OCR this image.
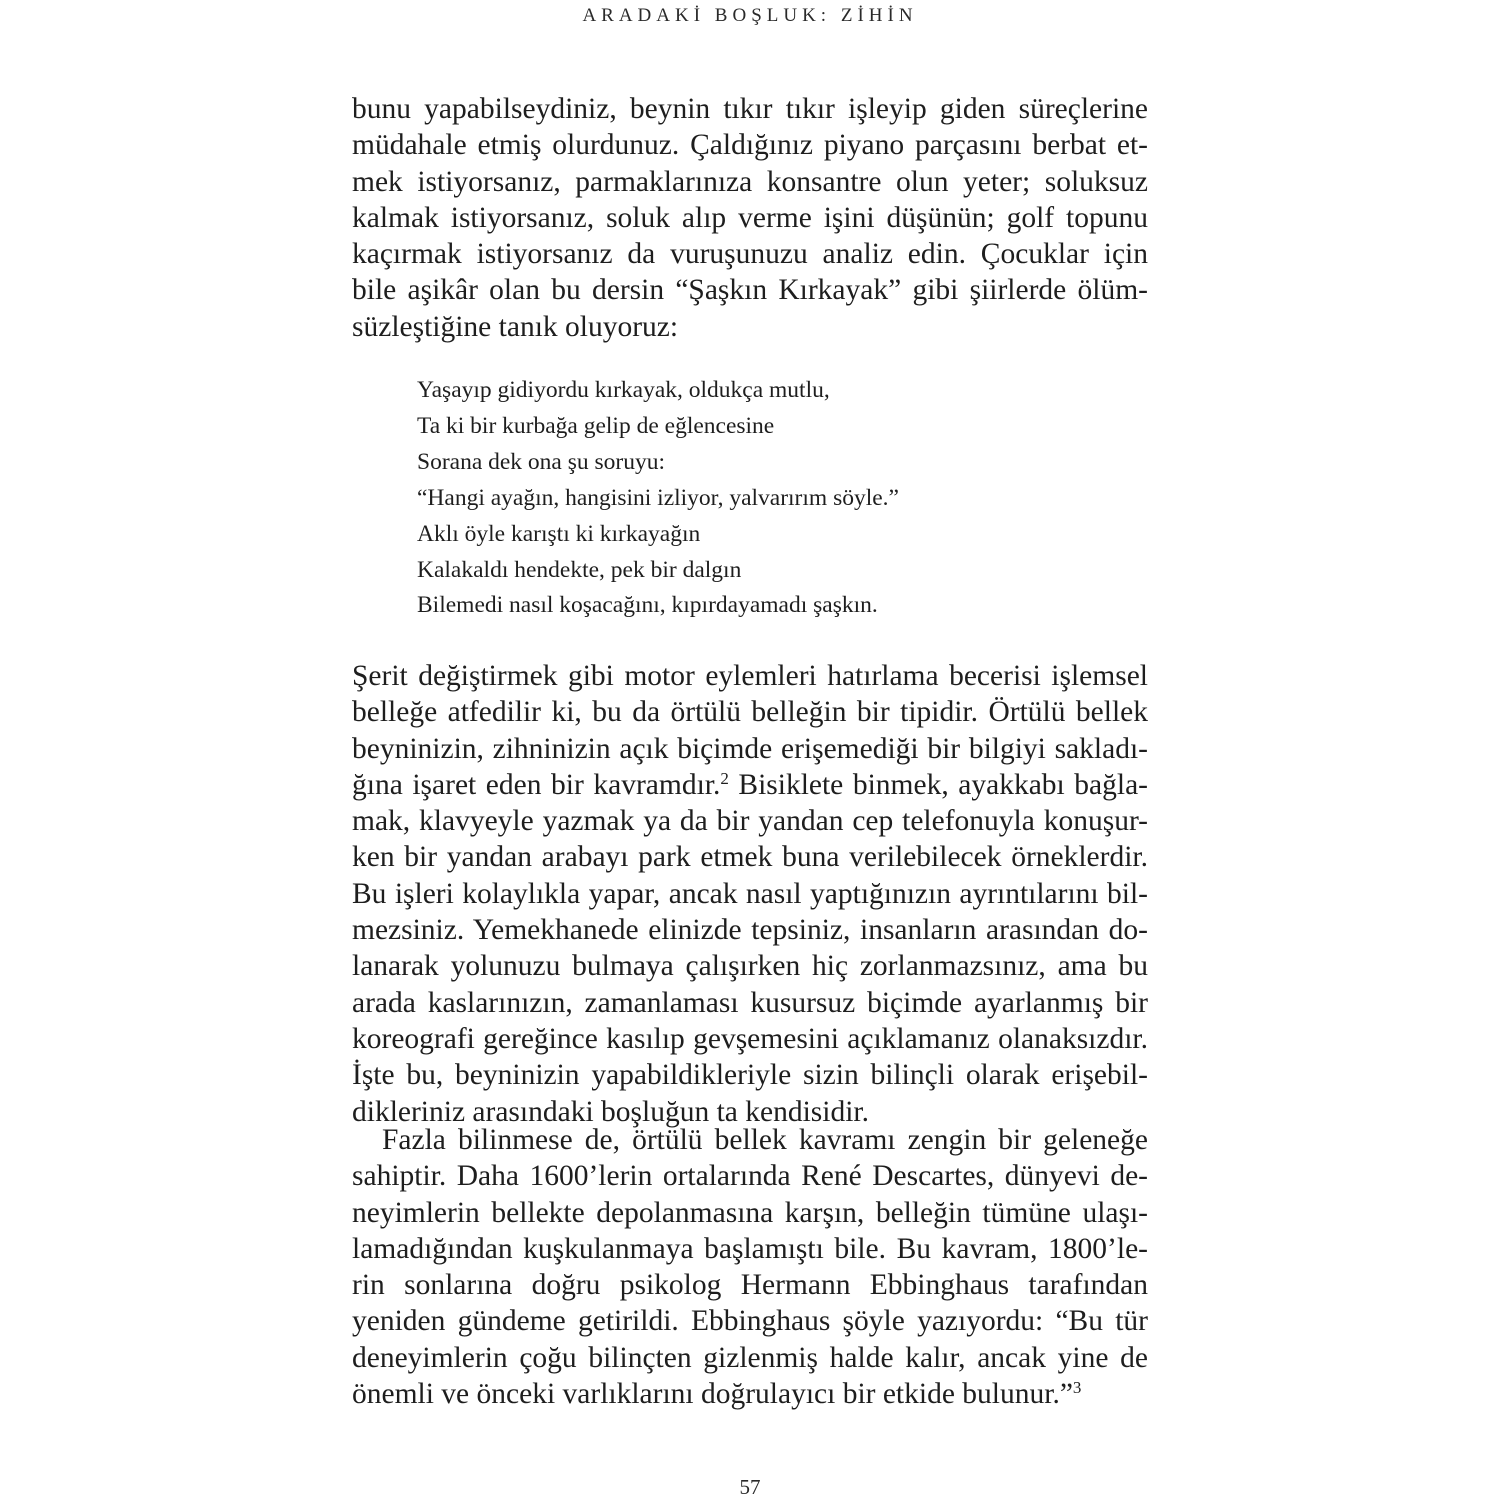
ARADAKİ BOŞLUK: ZİHİN
bunu yapabilseydiniz, beynin tıkır tıkır işleyip giden süreçlerine
müdahale etmiş olurdunuz. Çaldığınız piyano parçasını berbat et-
mek istiyorsanız, parmaklarınıza konsantre olun yeter; soluksuz
kalmak istiyorsanız, soluk alıp verme işini düşünün; golf topunu
kaçırmak istiyorsanız da vuruşunuzu analiz edin. Çocuklar için
bile aşikâr olan bu dersin “Şaşkın Kırkayak” gibi şiirlerde ölüm-
süzleştiğine tanık oluyoruz:
Yaşayıp gidiyordu kırkayak, oldukça mutlu,
Ta ki bir kurbağa gelip de eğlencesine
Sorana dek ona şu soruyu:
“Hangi ayağın, hangisini izliyor, yalvarırım söyle.”
Aklı öyle karıştı ki kırkayağın
Kalakaldı hendekte, pek bir dalgın
Bilemedi nasıl koşacağını, kıpırdayamadı şaşkın.
Şerit değiştirmek gibi motor eylemleri hatırlama becerisi işlemsel
belleğe atfedilir ki, bu da örtülü belleğin bir tipidir. Örtülü bellek
beyninizin, zihninizin açık biçimde erişemediği bir bilgiyi sakladı-
ğına işaret eden bir kavramdır.$^2$ Bisiklete binmek, ayakkabı bağla-
mak, klavyeyle yazmak ya da bir yandan cep telefonuyla konuşur-
ken bir yandan arabayı park etmek buna verilebilecek örneklerdir.
Bu işleri kolaylıkla yapar, ancak nasıl yaptığınızın ayrıntılarını bil-
mezsiniz. Yemekhanede elinizde tepsiniz, insanların arasından do-
lanarak yolunuzu bulmaya çalışırken hiç zorlanmazsınız, ama bu
arada kaslarınızın, zamanlaması kusursuz biçimde ayarlanmış bir
koreografi gereğince kasılıp gevşemesini açıklamanız olanaksızdır.
İşte bu, beyninizin yapabildikleriyle sizin bilinçli olarak erişebil-
dikleriniz arasındaki boşluğun ta kendisidir.
Fazla bilinmese de, örtülü bellek kavramı zengin bir geleneğe
sahiptir. Daha 1600’lerin ortalarında René Descartes, dünyevi de-
neyimlerin bellekte depolanmasına karşın, belleğin tümüne ulaşı-
lamadığından kuşkulanmaya başlamıştı bile. Bu kavram, 1800’le-
rin sonlarına doğru psikolog Hermann Ebbinghaus tarafından
yeniden gündeme getirildi. Ebbinghaus şöyle yazıyordu: “Bu tür
deneyimlerin çoğu bilinçten gizlenmiş halde kalır, ancak yine de
önemli ve önceki varlıklarını doğrulayıcı bir etkide bulunur.”$^3$
57
